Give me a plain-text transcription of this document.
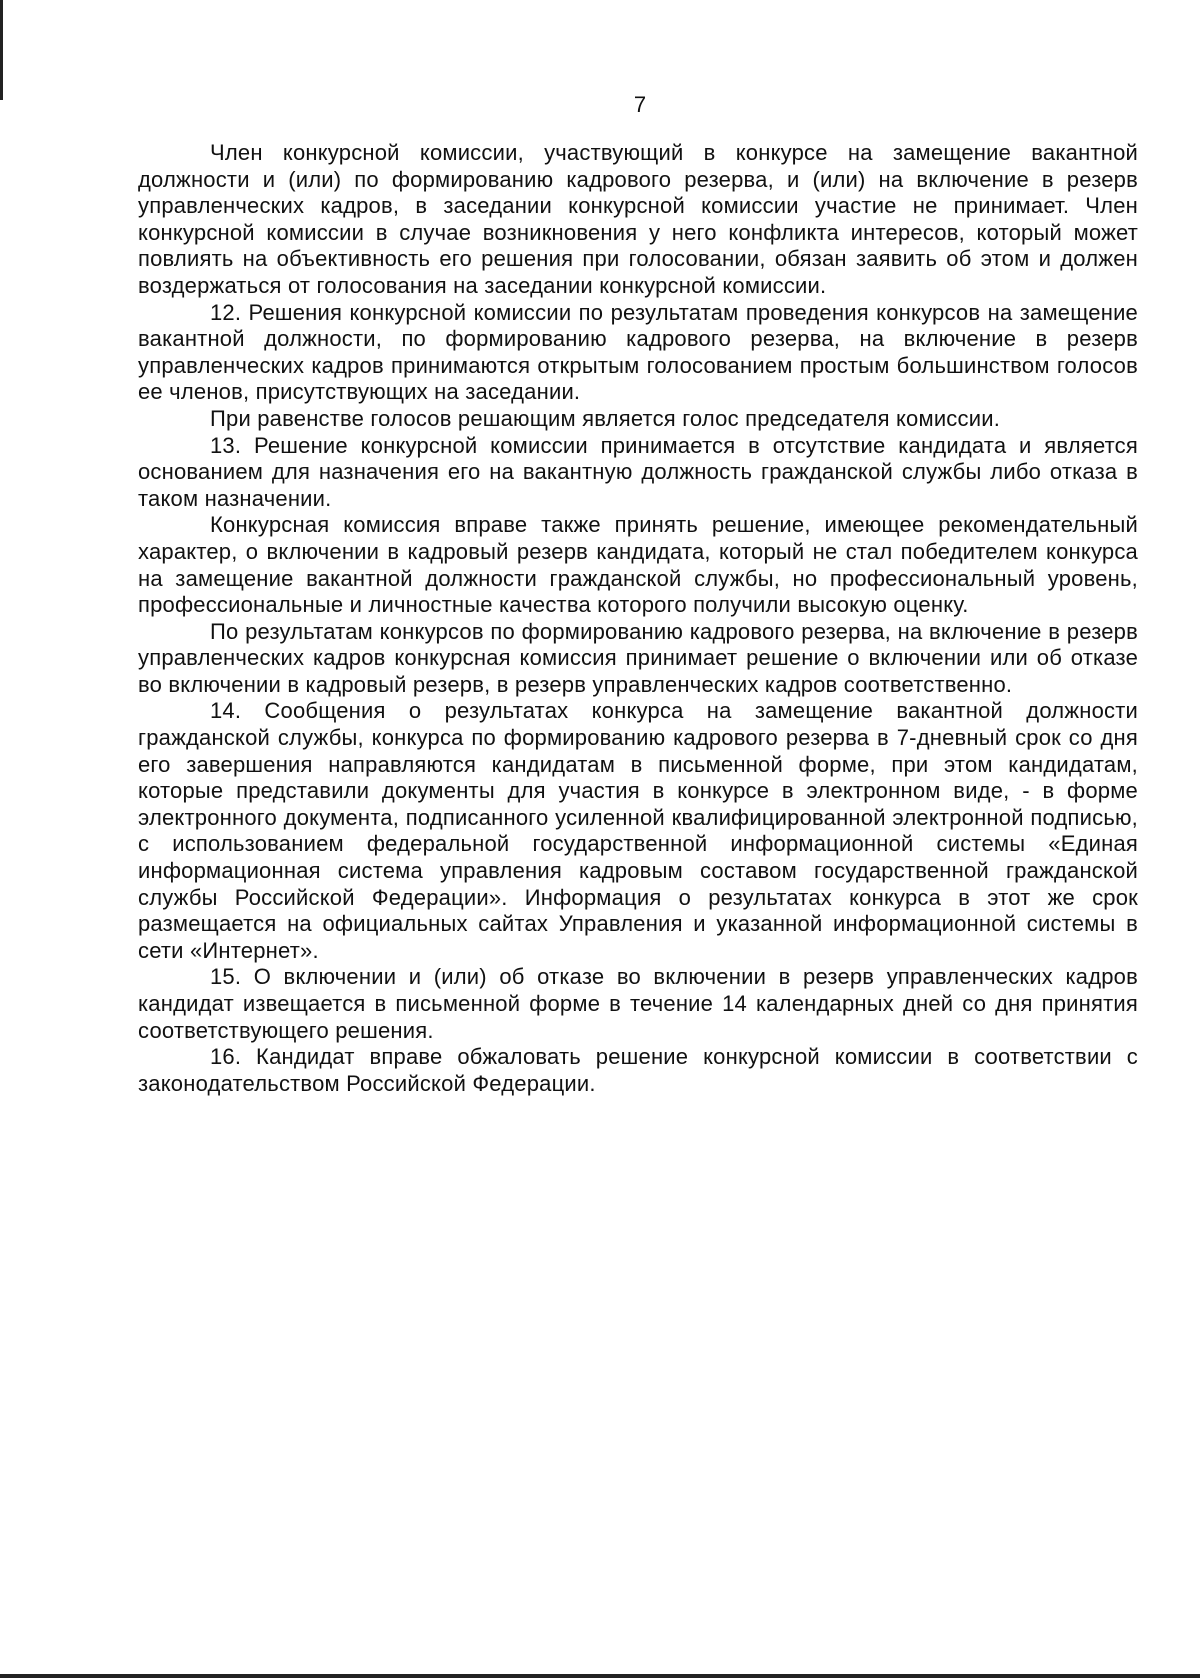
7

Член конкурсной комиссии, участвующий в конкурсе на замещение вакантной должности и (или) по формированию кадрового резерва, и (или) на включение в резерв управленческих кадров, в заседании конкурсной комиссии участие не принимает. Член конкурсной комиссии в случае возникновения у него конфликта интересов, который может повлиять на объективность его решения при голосовании, обязан заявить об этом и должен воздержаться от голосования на заседании конкурсной комиссии.

12. Решения конкурсной комиссии по результатам проведения конкурсов на замещение вакантной должности, по формированию кадрового резерва, на включение в резерв управленческих кадров принимаются открытым голосованием простым большинством голосов ее членов, присутствующих на заседании.

При равенстве голосов решающим является голос председателя комиссии.

13. Решение конкурсной комиссии принимается в отсутствие кандидата и является основанием для назначения его на вакантную должность гражданской службы либо отказа в таком назначении.

Конкурсная комиссия вправе также принять решение, имеющее рекомендательный характер, о включении в кадровый резерв кандидата, который не стал победителем конкурса на замещение вакантной должности гражданской службы, но профессиональный уровень, профессиональные и личностные качества которого получили высокую оценку.

По результатам конкурсов по формированию кадрового резерва, на включение в резерв управленческих кадров конкурсная комиссия принимает решение о включении или об отказе во включении в кадровый резерв, в резерв управленческих кадров соответственно.

14. Сообщения о результатах конкурса на замещение вакантной должности гражданской службы, конкурса по формированию кадрового резерва в 7-дневный срок со дня его завершения направляются кандидатам в письменной форме, при этом кандидатам, которые представили документы для участия в конкурсе в электронном виде, - в форме электронного документа, подписанного усиленной квалифицированной электронной подписью, с использованием федеральной государственной информационной системы «Единая информационная система управления кадровым составом государственной гражданской службы Российской Федерации». Информация о результатах конкурса в этот же срок размещается на официальных сайтах Управления и указанной информационной системы в сети «Интернет».

15. О включении и (или) об отказе во включении в резерв управленческих кадров кандидат извещается в письменной форме в течение 14 календарных дней со дня принятия соответствующего решения.

16. Кандидат вправе обжаловать решение конкурсной комиссии в соответствии с законодательством Российской Федерации.
